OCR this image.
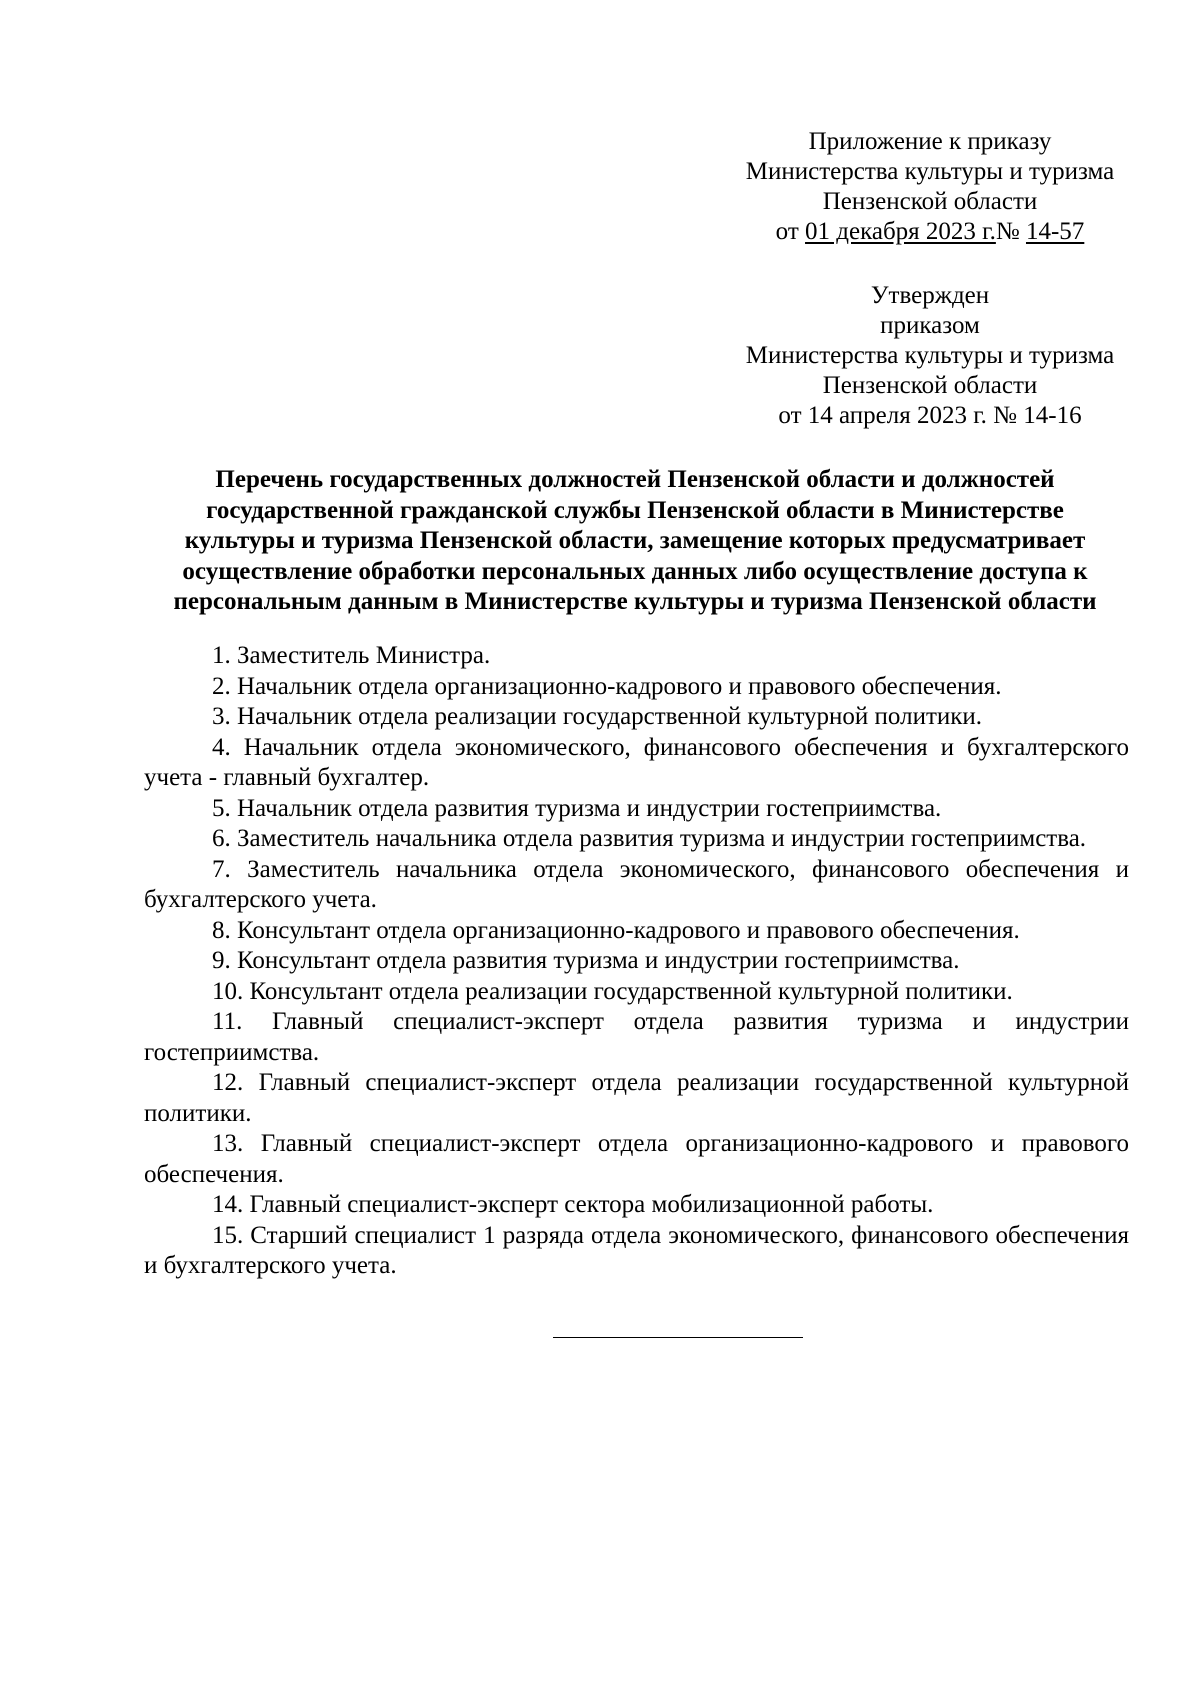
Приложение к приказу
Министерства культуры и туризма
Пензенской области
от 01 декабря 2023 г.№ 14-57
Утвержден
приказом
Министерства культуры и туризма
Пензенской области
от 14 апреля 2023 г. № 14-16
Перечень государственных должностей Пензенской области и должностей
государственной гражданской службы Пензенской области в Министерстве
культуры и туризма Пензенской области, замещение которых предусматривает
осуществление обработки персональных данных либо осуществление доступа к
персональным данным в Министерстве культуры и туризма Пензенской области
1. Заместитель Министра.
2. Начальник отдела организационно-кадрового и правового обеспечения.
3. Начальник отдела реализации государственной культурной политики.
4. Начальник отдела экономического, финансового обеспечения и бухгалтерского учета - главный бухгалтер.
5. Начальник отдела развития туризма и индустрии гостеприимства.
6. Заместитель начальника отдела развития туризма и индустрии гостеприимства.
7. Заместитель начальника отдела экономического, финансового обеспечения и бухгалтерского учета.
8. Консультант отдела организационно-кадрового и правового обеспечения.
9. Консультант отдела развития туризма и индустрии гостеприимства.
10. Консультант отдела реализации государственной культурной политики.
11. Главный специалист-эксперт отдела развития туризма и индустрии гостеприимства.
12. Главный специалист-эксперт отдела реализации государственной культурной политики.
13. Главный специалист-эксперт отдела организационно-кадрового и правового обеспечения.
14. Главный специалист-эксперт сектора мобилизационной работы.
15. Старший специалист 1 разряда отдела экономического, финансового обеспечения и бухгалтерского учета.
